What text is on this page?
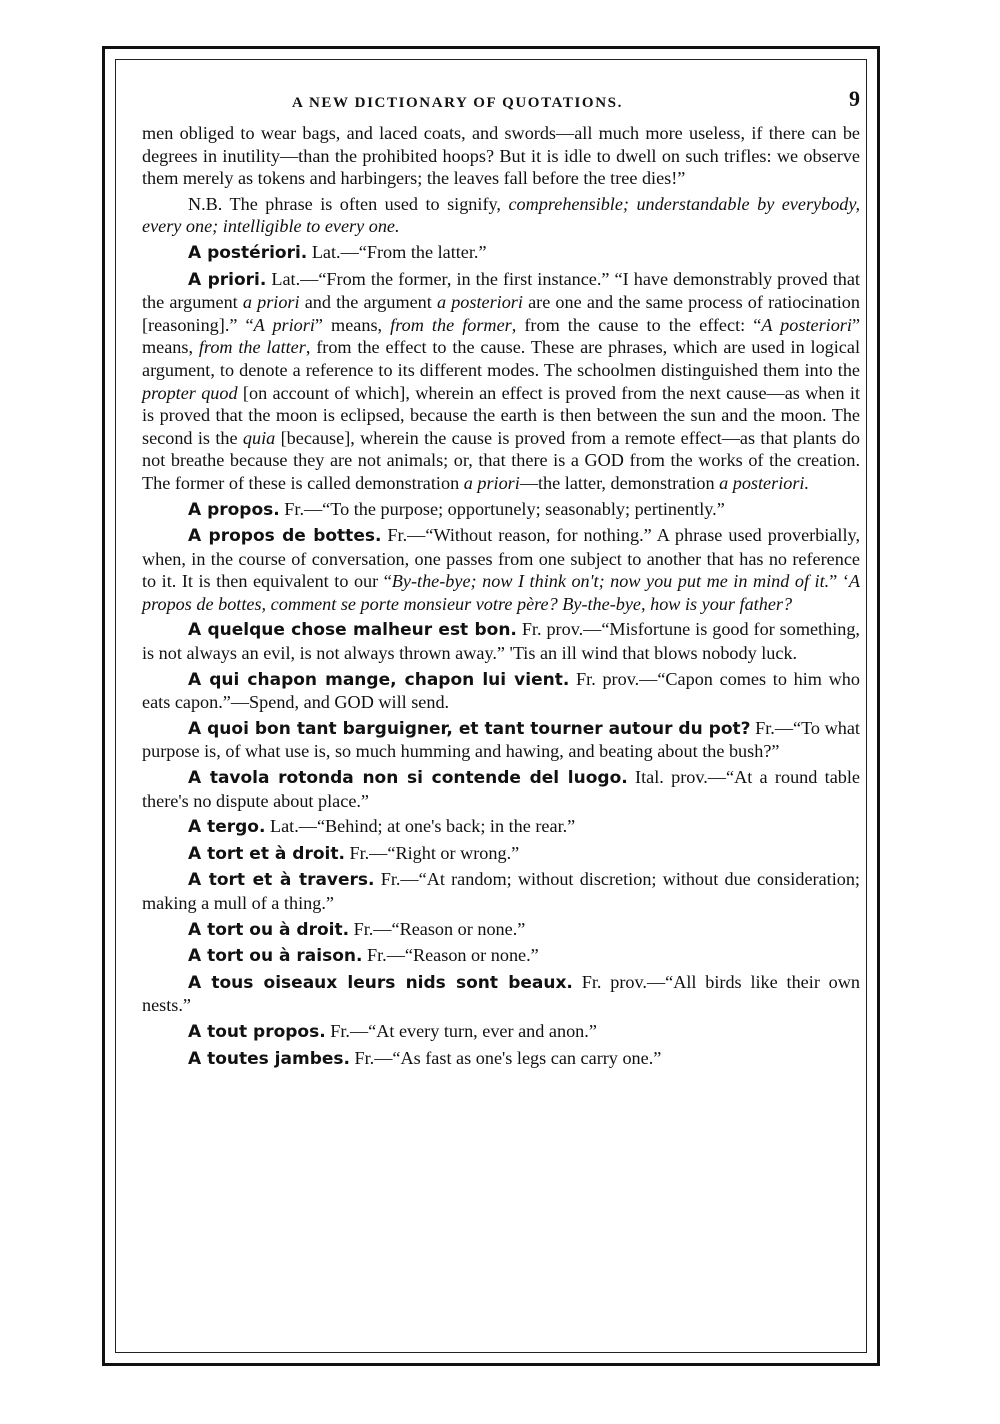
A NEW DICTIONARY OF QUOTATIONS.	9

men obliged to wear bags, and laced coats, and swords—all much more useless, if there can be degrees in inutility—than the prohibited hoops? But it is idle to dwell on such trifles: we observe them merely as tokens and harbingers; the leaves fall before the tree dies!”

N.B. The phrase is often used to signify, comprehensible; understandable by everybody, every one; intelligible to every one.

A postériori. Lat.—“From the latter.”

A priori. Lat.—“From the former, in the first instance.” “I have demonstrably proved that the argument a priori and the argument a posteriori are one and the same process of ratiocination [reasoning].” “A priori” means, from the former, from the cause to the effect: “A posteriori” means, from the latter, from the effect to the cause. These are phrases, which are used in logical argument, to denote a reference to its different modes. The schoolmen distinguished them into the propter quod [on account of which], wherein an effect is proved from the next cause—as when it is proved that the moon is eclipsed, because the earth is then between the sun and the moon. The second is the quia [because], wherein the cause is proved from a remote effect—as that plants do not breathe because they are not animals; or, that there is a GOD from the works of the creation. The former of these is called demonstration a priori—the latter, demonstration a posteriori.

A propos. Fr.—“To the purpose; opportunely; seasonably; pertinently.”

A propos de bottes. Fr.—“Without reason, for nothing.” A phrase used proverbially, when, in the course of conversation, one passes from one subject to another that has no reference to it. It is then equivalent to our “By-the-bye; now I think on't; now you put me in mind of it.” ‘A propos de bottes, comment se porte monsieur votre père? By-the-bye, how is your father?

A quelque chose malheur est bon. Fr. prov.—“Misfortune is good for something, is not always an evil, is not always thrown away.” 'Tis an ill wind that blows nobody luck.

A qui chapon mange, chapon lui vient. Fr. prov.—“Capon comes to him who eats capon.”—Spend, and GOD will send.

A quoi bon tant barguigner, et tant tourner autour du pot? Fr.—“To what purpose is, of what use is, so much humming and hawing, and beating about the bush?”

A tavola rotonda non si contende del luogo. Ital. prov.—“At a round table there's no dispute about place.”

A tergo. Lat.—“Behind; at one's back; in the rear.”

A tort et à droit. Fr.—“Right or wrong.”

A tort et à travers. Fr.—“At random; without discretion; without due consideration; making a mull of a thing.”

A tort ou à droit. Fr.—“Reason or none.”

A tort ou à raison. Fr.—“Reason or none.”

A tous oiseaux leurs nids sont beaux. Fr. prov.—“All birds like their own nests.”

A tout propos. Fr.—“At every turn, ever and anon.”

A toutes jambes. Fr.—“As fast as one's legs can carry one.”
